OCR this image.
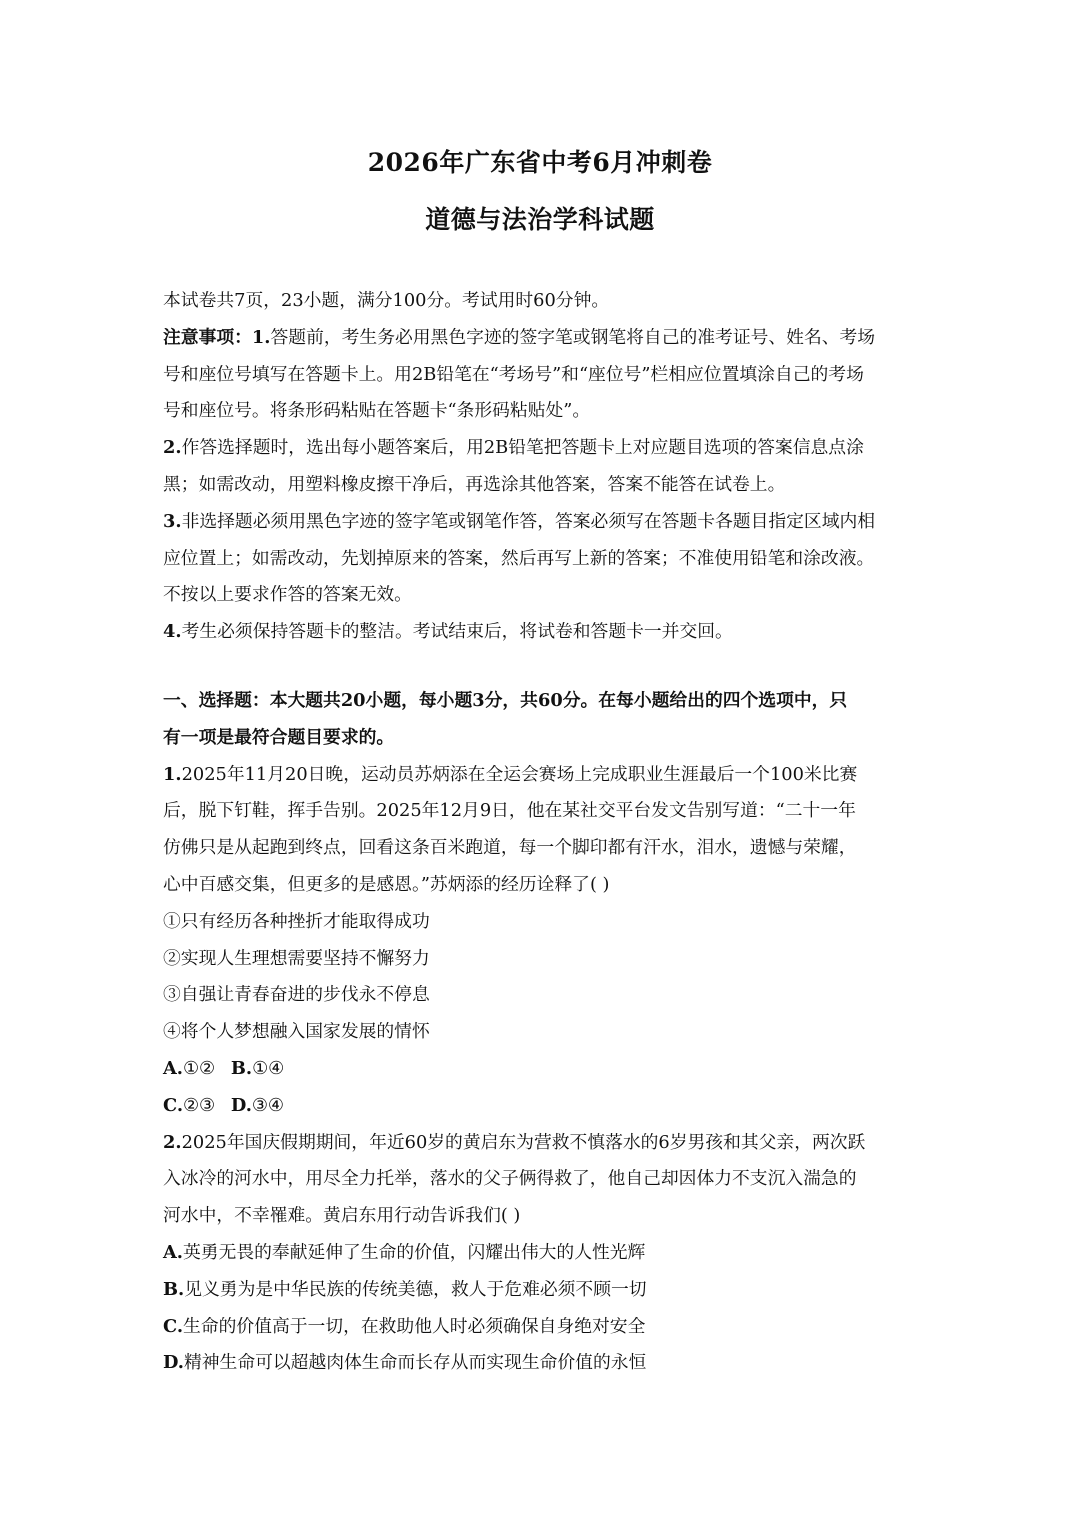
2026年广东省中考6月冲刺卷
道德与法治学科试题
本试卷共7页，23小题，满分100分。考试用时60分钟。
注意事项：1.答题前，考生务必用黑色字迹的签字笔或钢笔将自己的准考证号、姓名、考场
号和座位号填写在答题卡上。用2B铅笔在“考场号”和“座位号”栏相应位置填涂自己的考场
号和座位号。将条形码粘贴在答题卡“条形码粘贴处”。
2.作答选择题时，选出每小题答案后，用2B铅笔把答题卡上对应题目选项的答案信息点涂
黑；如需改动，用塑料橡皮擦干净后，再选涂其他答案，答案不能答在试卷上。
3.非选择题必须用黑色字迹的签字笔或钢笔作答，答案必须写在答题卡各题目指定区域内相
应位置上；如需改动，先划掉原来的答案，然后再写上新的答案；不准使用铅笔和涂改液。
不按以上要求作答的答案无效。
4.考生必须保持答题卡的整洁。考试结束后，将试卷和答题卡一并交回。
一、选择题：本大题共20小题，每小题3分，共60分。在每小题给出的四个选项中，只
有一项是最符合题目要求的。
1.2025年11月20日晚，运动员苏炳添在全运会赛场上完成职业生涯最后一个100米比赛
后，脱下钉鞋，挥手告别。2025年12月9日，他在某社交平台发文告别写道：“二十一年
仿佛只是从起跑到终点，回看这条百米跑道，每一个脚印都有汗水，泪水，遗憾与荣耀，
心中百感交集，但更多的是感恩。”苏炳添的经历诠释了( )
①只有经历各种挫折才能取得成功
②实现人生理想需要坚持不懈努力
③自强让青春奋进的步伐永不停息
④将个人梦想融入国家发展的情怀
A.①② B.①④
C.②③ D.③④
2.2025年国庆假期期间，年近60岁的黄启东为营救不慎落水的6岁男孩和其父亲，两次跃
入冰冷的河水中，用尽全力托举，落水的父子俩得救了，他自己却因体力不支沉入湍急的
河水中，不幸罹难。黄启东用行动告诉我们( )
A.英勇无畏的奉献延伸了生命的价值，闪耀出伟大的人性光辉
B.见义勇为是中华民族的传统美德，救人于危难必须不顾一切
C.生命的价值高于一切，在救助他人时必须确保自身绝对安全
D.精神生命可以超越肉体生命而长存从而实现生命价值的永恒
